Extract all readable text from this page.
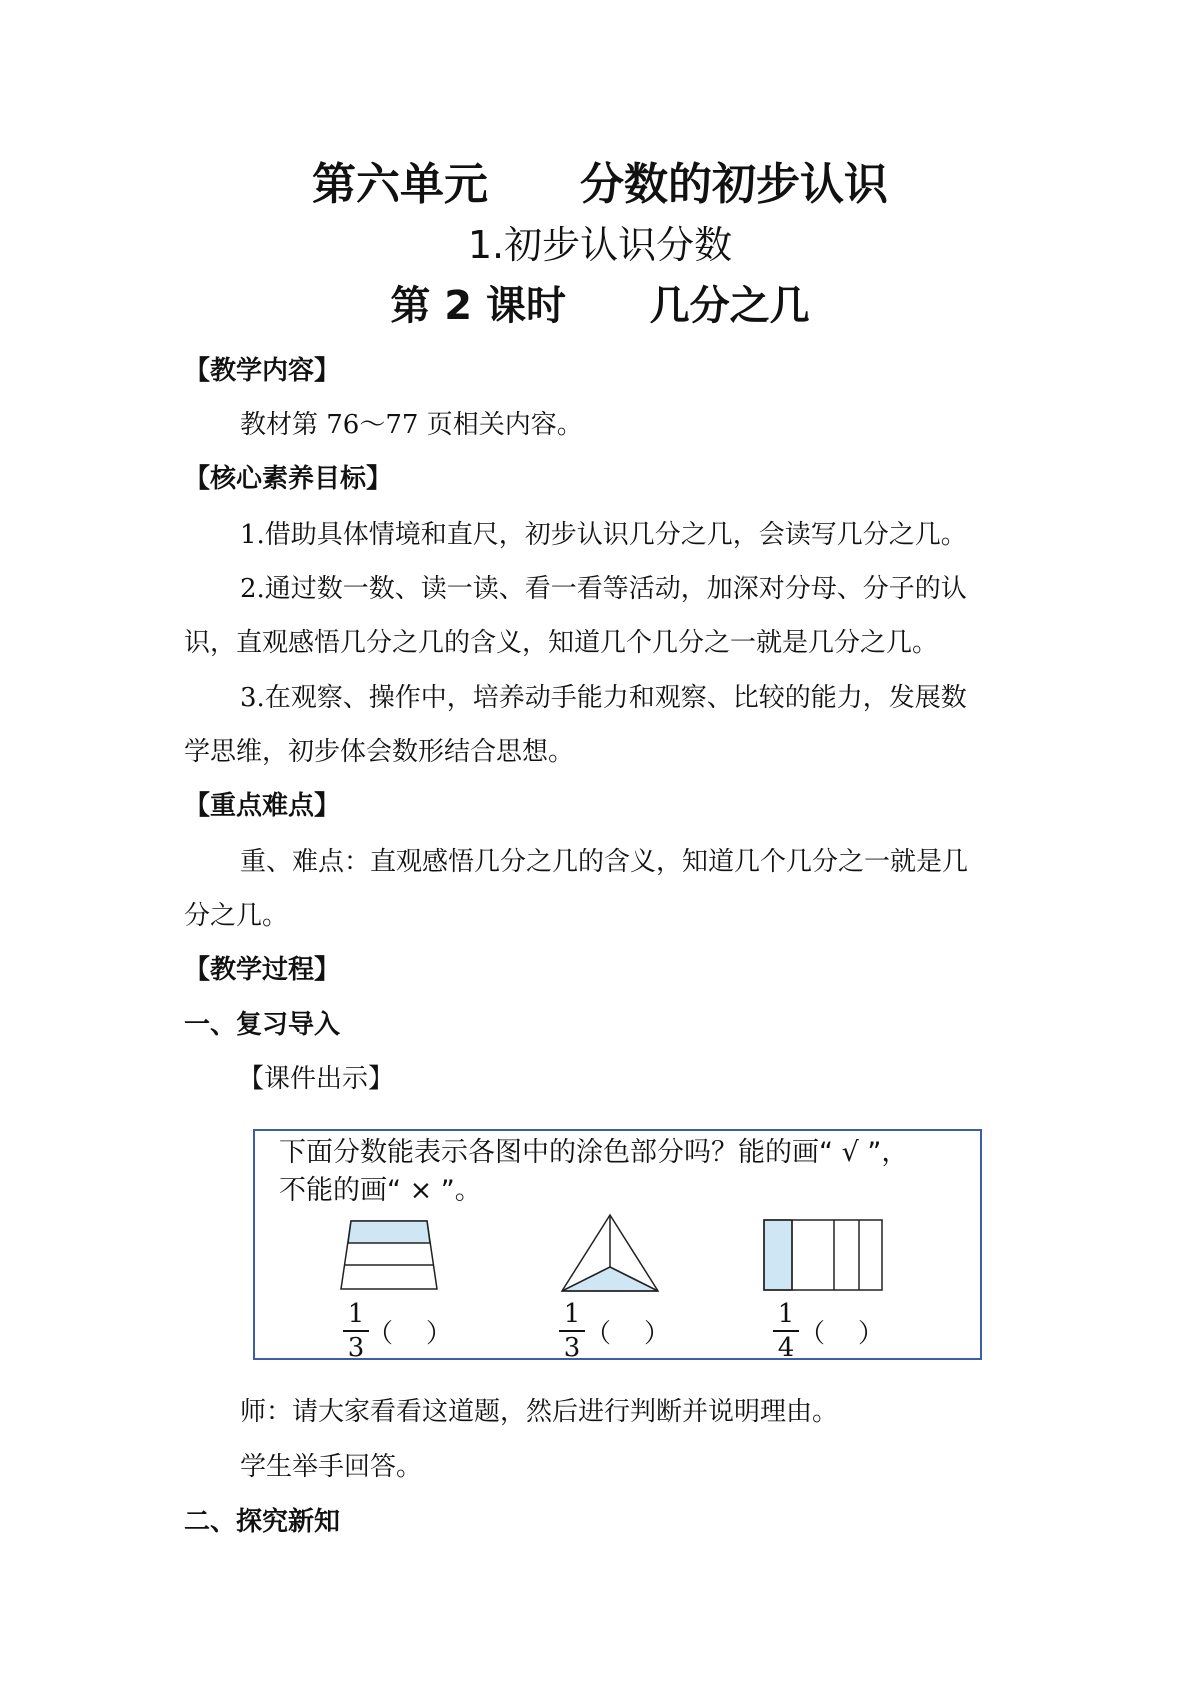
第六单元      分数的初步认识
1.初步认识分数
第 2 课时      几分之几
【教学内容】
教材第 76～77 页相关内容。
【核心素养目标】
1.借助具体情境和直尺，初步认识几分之几，会读写几分之几。
2.通过数一数、读一读、看一看等活动，加深对分母、分子的认
识，直观感悟几分之几的含义，知道几个几分之一就是几分之几。
3.在观察、操作中，培养动手能力和观察、比较的能力，发展数
学思维，初步体会数形结合思想。
【重点难点】
重、难点：直观感悟几分之几的含义，知道几个几分之一就是几
分之几。
【教学过程】
一、复习导入
【课件出示】
下面分数能表示各图中的涂色部分吗？能的画“ √ ”，
不能的画“ × ”。
1
3 （    ）
1
3 （    ）
1
4 （    ）
师：请大家看看这道题，然后进行判断并说明理由。
学生举手回答。
二、探究新知
